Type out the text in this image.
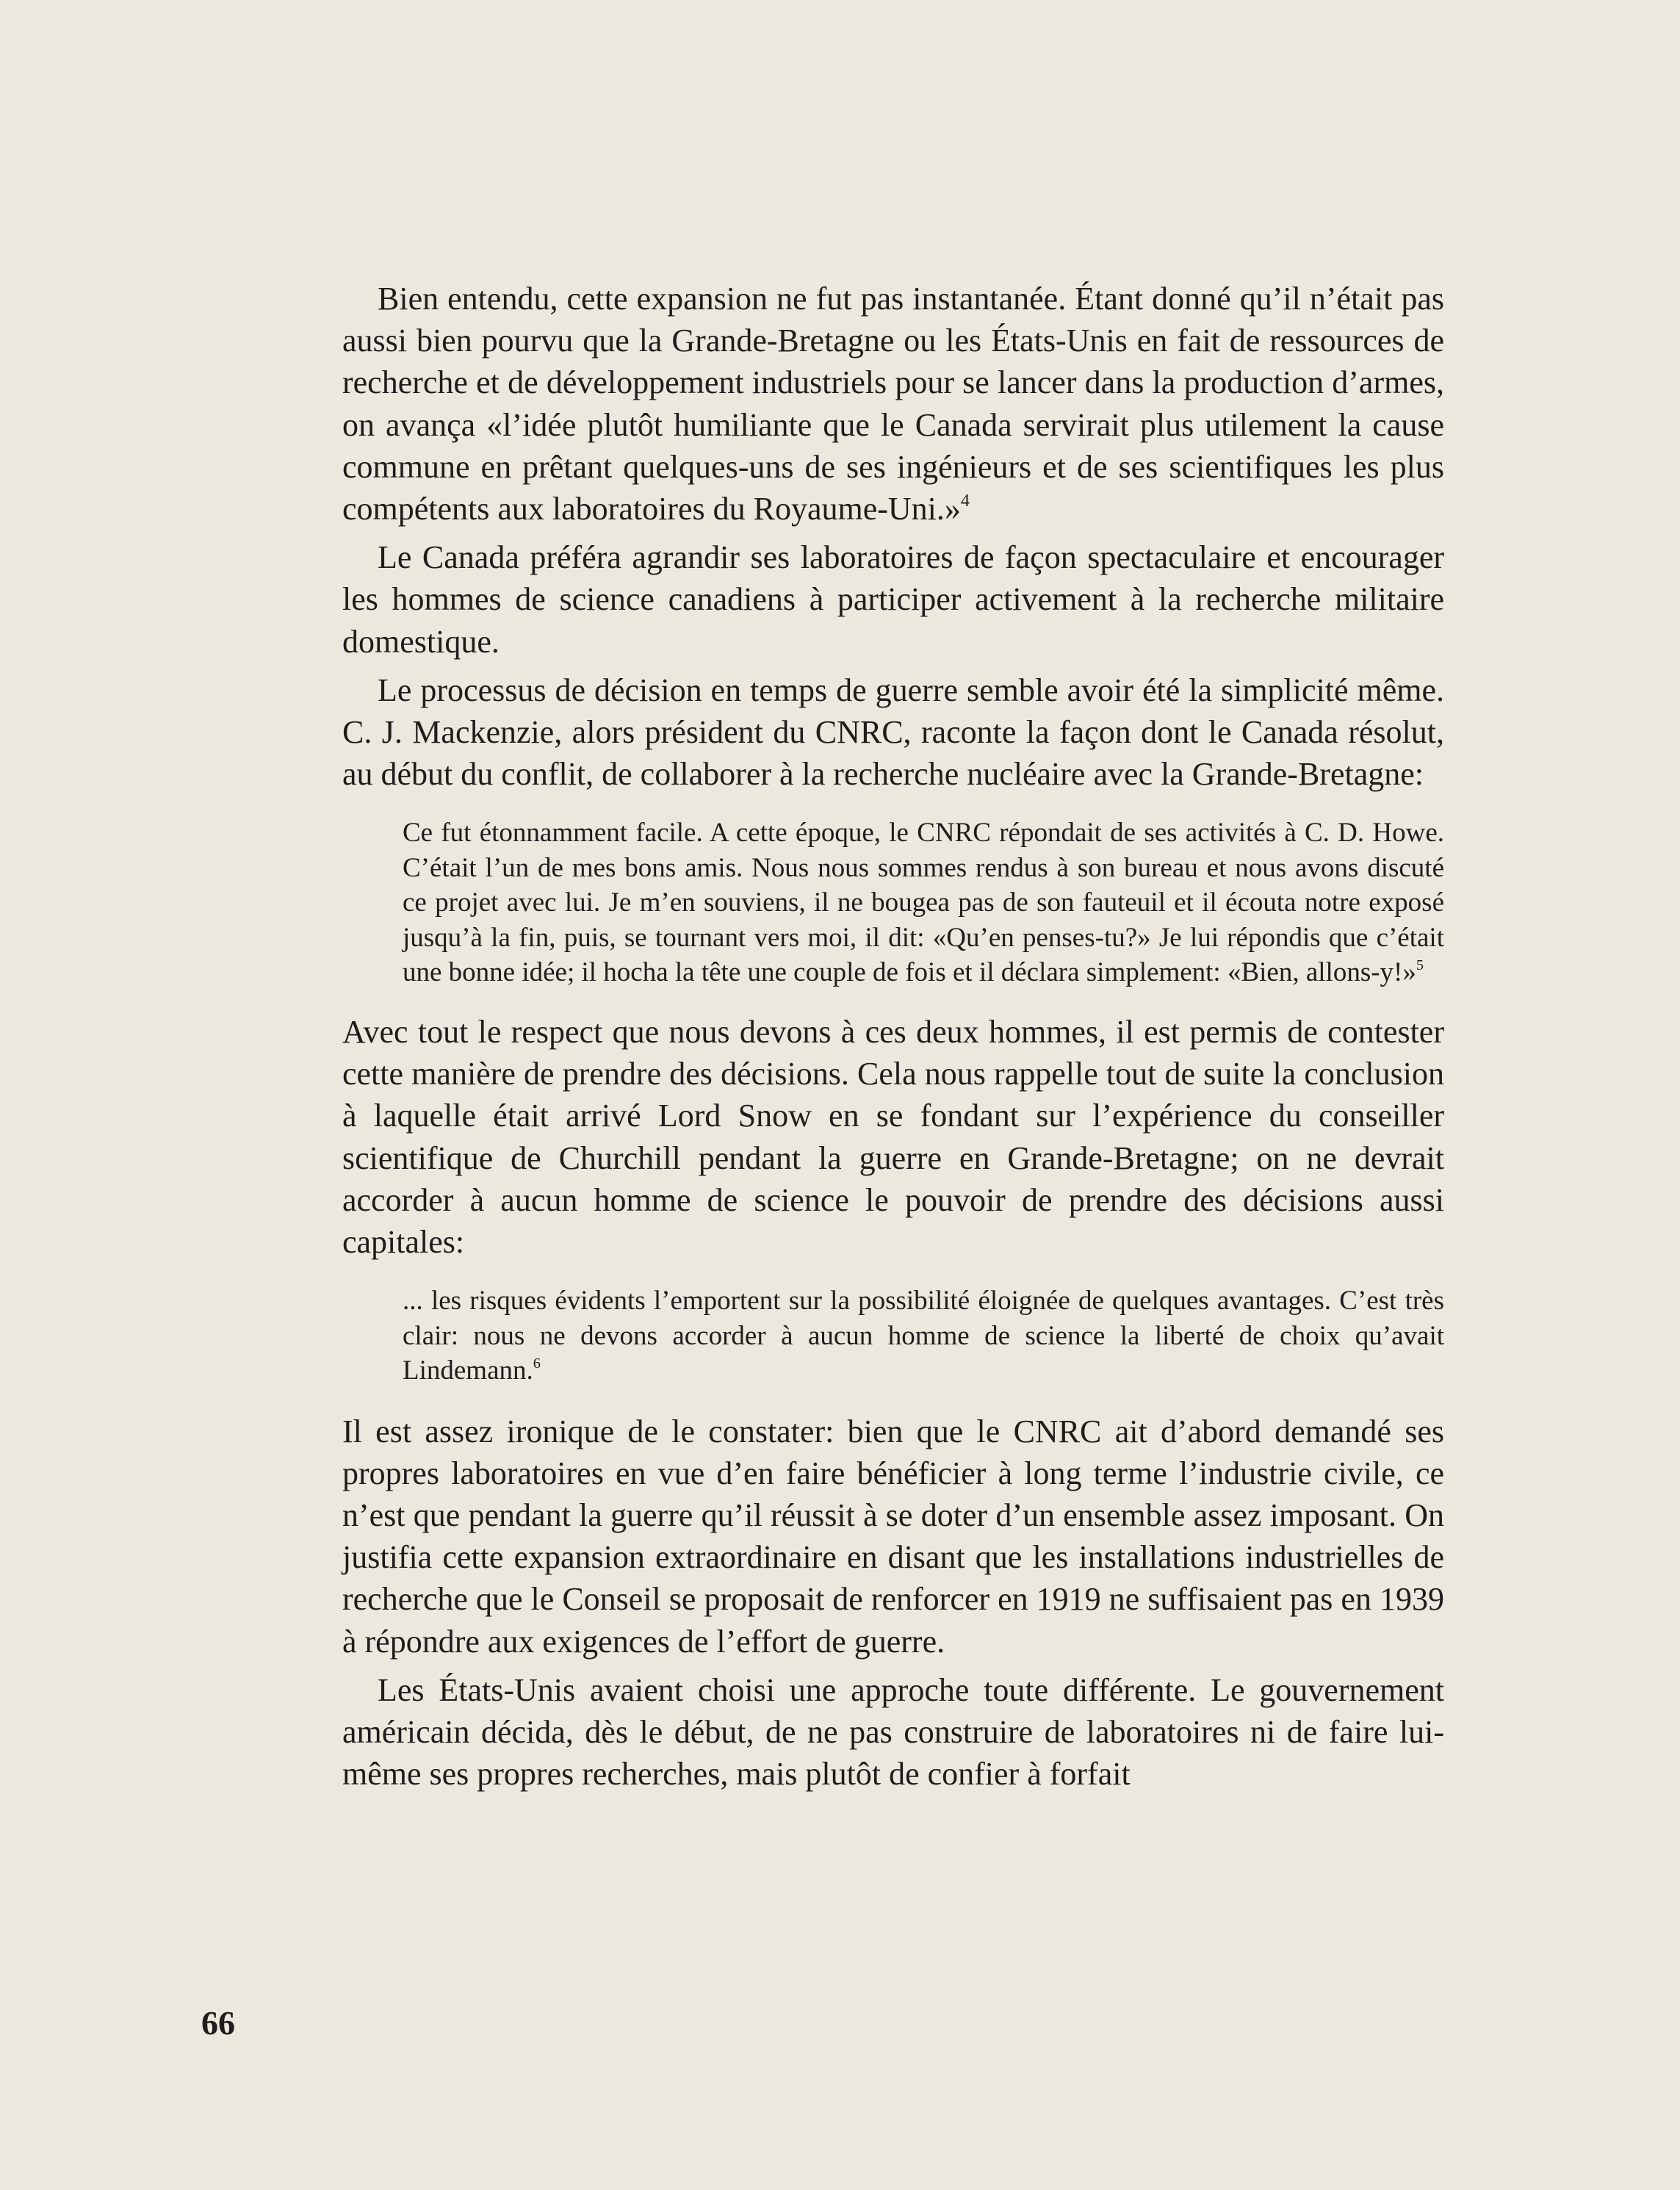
Bien entendu, cette expansion ne fut pas instantanée. Étant donné qu’il n’était pas aussi bien pourvu que la Grande-Bretagne ou les États-Unis en fait de ressources de recherche et de développement industriels pour se lancer dans la production d’armes, on avança «l’idée plutôt humiliante que le Canada servirait plus utilement la cause commune en prêtant quelques-uns de ses ingénieurs et de ses scientifiques les plus compétents aux laboratoires du Royaume-Uni.»$^4$

Le Canada préféra agrandir ses laboratoires de façon spectaculaire et encourager les hommes de science canadiens à participer activement à la recherche militaire domestique.

Le processus de décision en temps de guerre semble avoir été la simplicité même. C. J. Mackenzie, alors président du CNRC, raconte la façon dont le Canada résolut, au début du conflit, de collaborer à la recherche nucléaire avec la Grande-Bretagne:

Ce fut étonnamment facile. A cette époque, le CNRC répondait de ses activités à C. D. Howe. C’était l’un de mes bons amis. Nous nous sommes rendus à son bureau et nous avons discuté ce projet avec lui. Je m’en souviens, il ne bougea pas de son fauteuil et il écouta notre exposé jusqu’à la fin, puis, se tournant vers moi, il dit: «Qu’en penses-tu?» Je lui répondis que c’était une bonne idée; il hocha la tête une couple de fois et il déclara simplement: «Bien, allons-y!»$^5$

Avec tout le respect que nous devons à ces deux hommes, il est permis de contester cette manière de prendre des décisions. Cela nous rappelle tout de suite la conclusion à laquelle était arrivé Lord Snow en se fondant sur l’expérience du conseiller scientifique de Churchill pendant la guerre en Grande-Bretagne; on ne devrait accorder à aucun homme de science le pouvoir de prendre des décisions aussi capitales:

... les risques évidents l’emportent sur la possibilité éloignée de quelques avantages. C’est très clair: nous ne devons accorder à aucun homme de science la liberté de choix qu’avait Lindemann.$^6$

Il est assez ironique de le constater: bien que le CNRC ait d’abord demandé ses propres laboratoires en vue d’en faire bénéficier à long terme l’industrie civile, ce n’est que pendant la guerre qu’il réussit à se doter d’un ensemble assez imposant. On justifia cette expansion extraordinaire en disant que les installations industrielles de recherche que le Conseil se proposait de renforcer en 1919 ne suffisaient pas en 1939 à répondre aux exigences de l’effort de guerre.

Les États-Unis avaient choisi une approche toute différente. Le gouvernement américain décida, dès le début, de ne pas construire de laboratoires ni de faire lui-même ses propres recherches, mais plutôt de confier à forfait

66
